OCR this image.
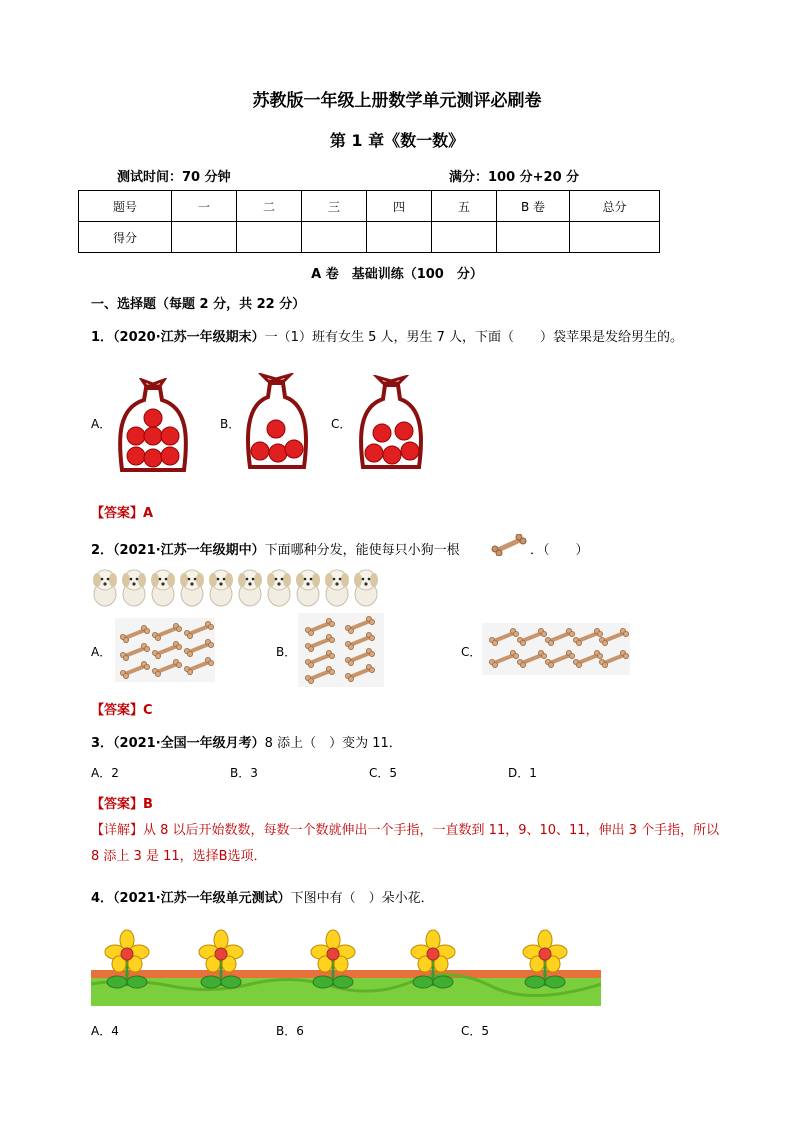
苏教版一年级上册数学单元测评必刷卷
第 1 章《数一数》
测试时间：70 分钟	满分：100 分+20 分
题号	一	二	三	四	五	B 卷	总分
得分							
A 卷　基础训练（100　分）
一、选择题（每题 2 分，共 22 分）
1．（2020·江苏一年级期末）一（1）班有女生 5 人，男生 7 人，下面（　　）袋苹果是发给男生的。
A．	B．	C．
【答案】A
2．（2021·江苏一年级期中）下面哪种分发，能使每只小狗一根	．（　　）
A．	B．	C．
【答案】C
3．（2021·全国一年级月考）8 添上（　）变为 11．
A．2	B．3	C．5	D．1
【答案】B
【详解】从 8 以后开始数数，每数一个数就伸出一个手指，一直数到 11，9、10、11，伸出 3 个手指，所以 8 添上 3 是 11，选择B选项．
4．（2021·江苏一年级单元测试）下图中有（　）朵小花．
A．4	B．6	C．5
